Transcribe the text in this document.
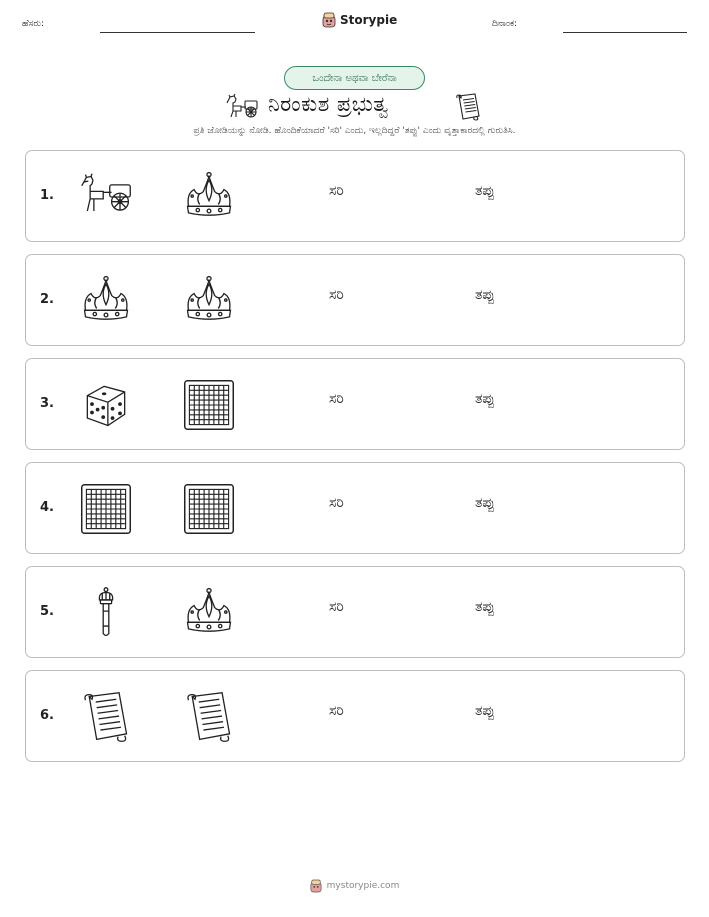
ಹೆಸರು:	Storypie	ದಿನಾಂಕ:
ಒಂದೇನಾ ಅಥವಾ ಬೇರೆನಾ
ನಿರಂಕುಶ ಪ್ರಭುತ್ವ
ಪ್ರತಿ ಜೋಡಿಯನ್ನು ನೋಡಿ. ಹೊಂದಿಕೆಯಾದರೆ 'ಸರಿ' ಎಂದು, ಇಲ್ಲದಿದ್ದರೆ 'ತಪ್ಪು' ಎಂದು ವೃತ್ತಾಕಾರದಲ್ಲಿ ಗುರುತಿಸಿ.
1.	ಸರಿ	ತಪ್ಪು
2.	ಸರಿ	ತಪ್ಪು
3.	ಸರಿ	ತಪ್ಪು
4.	ಸರಿ	ತಪ್ಪು
5.	ಸರಿ	ತಪ್ಪು
6.	ಸರಿ	ತಪ್ಪು
mystorypie.com
